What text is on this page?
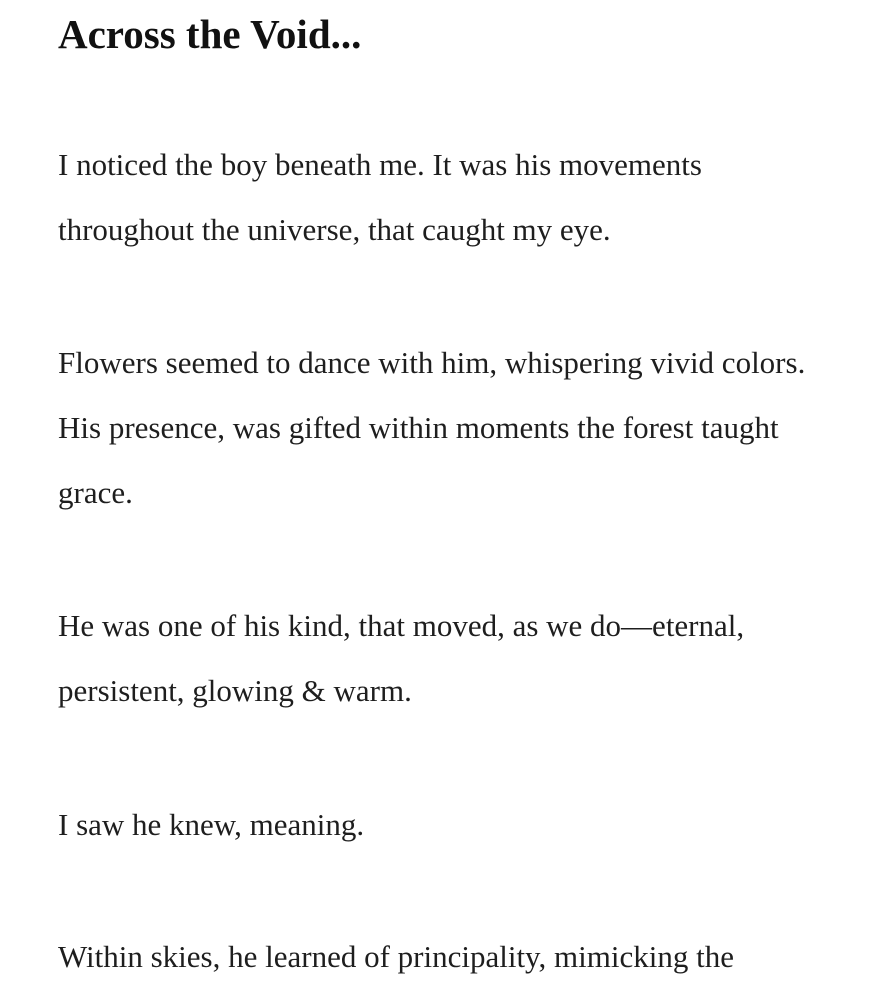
Across the Void...

I noticed the boy beneath me. It was his movements
throughout the universe, that caught my eye.

Flowers seemed to dance with him, whispering vivid colors.
His presence, was gifted within moments the forest taught
grace.

He was one of his kind, that moved, as we do—eternal,
persistent, glowing & warm.

I saw he knew, meaning.

Within skies, he learned of principality, mimicking the
